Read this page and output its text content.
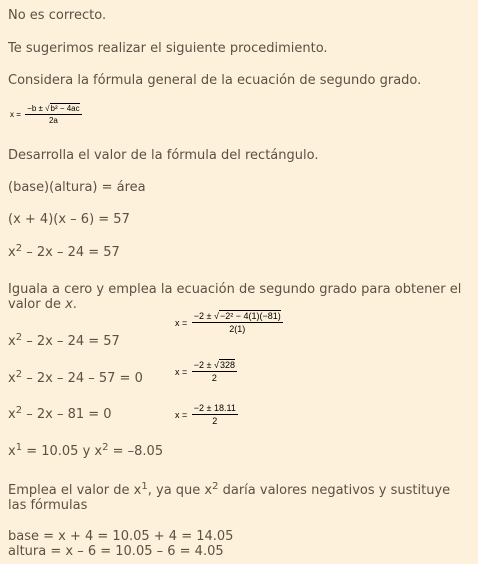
No es correcto.
Te sugerimos realizar el siguiente procedimiento.
Considera la fórmula general de la ecuación de segundo grado.
$x = \frac{\text{−b ± √b² − 4ac}}{2a}$
Desarrolla el valor de la fórmula del rectángulo.
(base)(altura) = área
(x + 4)(x – 6) = 57
$x^2 - 2x - 24 = 57$
Iguala a cero y emplea la ecuación de segundo grado para obtener el valor de x.
$x^2 - 2x - 24 = 57$
$x^2 - 2x - 24 - 57 = 0$
$x^2 - 2x - 81 = 0$
$x = \frac{\text{−2 ± √−2² − 4(1)(−81)}}{2(1)}$
$x = \frac{-2 \pm √328}{2}$
$x = \frac{-2 \pm 18.11}{2}$
$x^1 = 10.05$ y $x^2 = -8.05$
Emplea el valor de $x^1$, ya que $x^2$ daría valores negativos y sustituye las fórmulas
base = x + 4 = 10.05 + 4 = 14.05
altura = x – 6 = 10.05 – 6 = 4.05
